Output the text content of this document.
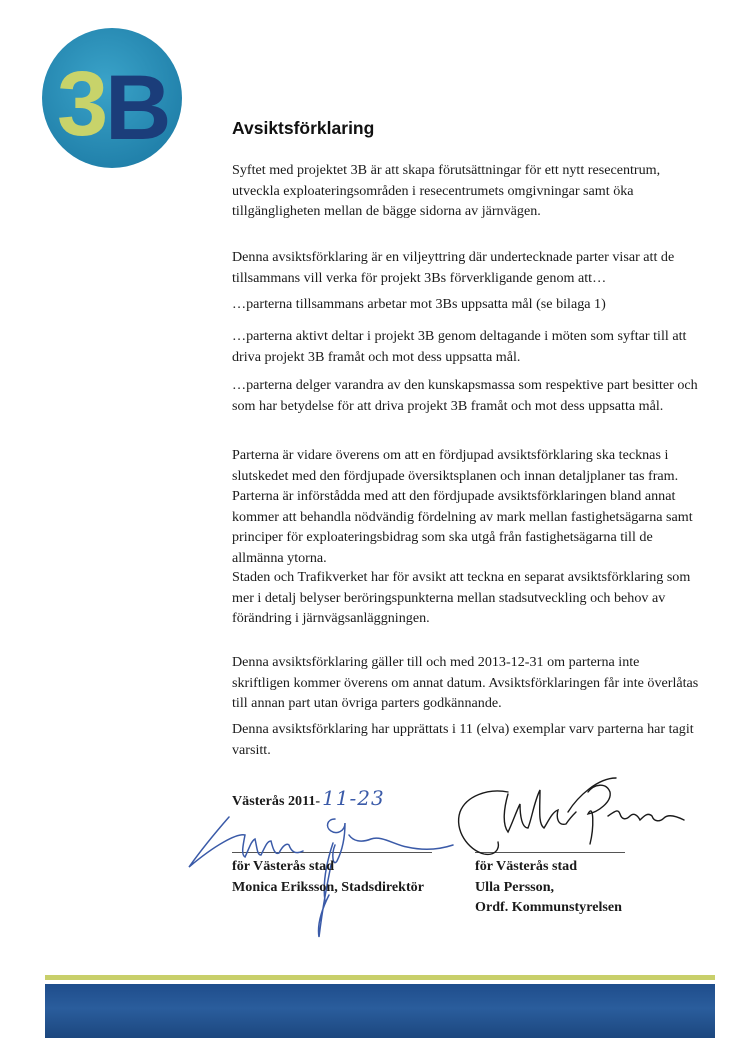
3
B	Avsiktsförklaring

Syftet med projektet 3B är att skapa förutsättningar för ett nytt resecentrum, utveckla exploateringsområden i resecentrumets omgivningar samt öka tillgängligheten mellan de bägge sidorna av järnvägen.

Denna avsiktsförklaring är en viljeyttring där undertecknade parter visar att de tillsammans vill verka för projekt 3Bs förverkligande genom att…

…parterna tillsammans arbetar mot 3Bs uppsatta mål (se bilaga 1)

…parterna aktivt deltar i projekt 3B genom deltagande i möten som syftar till att driva projekt 3B framåt och mot dess uppsatta mål.

…parterna delger varandra av den kunskapsmassa som respektive part besitter och som har betydelse för att driva projekt 3B framåt och mot dess uppsatta mål.

Parterna är vidare överens om att en fördjupad avsiktsförklaring ska tecknas i slutskedet med den fördjupade översiktsplanen och innan detaljplaner tas fram. Parterna är införstådda med att den fördjupade avsiktsförklaringen bland annat kommer att behandla nödvändig fördelning av mark mellan fastighetsägarna samt principer för exploateringsbidrag som ska utgå från fastighetsägarna till de allmänna ytorna.

Staden och Trafikverket har för avsikt att teckna en separat avsiktsförklaring som mer i detalj belyser beröringspunkterna mellan stadsutveckling och behov av förändring i järnvägsanläggningen.

Denna avsiktsförklaring gäller till och med 2013-12-31 om parterna inte skriftligen kommer överens om annat datum. Avsiktsförklaringen får inte överlåtas till annan part utan övriga parters godkännande.

Denna avsiktsförklaring har upprättats i 11 (elva) exemplar varv parterna har tagit varsitt.

Västerås 2011- 11-23
för Västerås stad
Monica Eriksson, Stadsdirektör
för Västerås stad
Ulla Persson,
Ordf. Kommunstyrelsen
